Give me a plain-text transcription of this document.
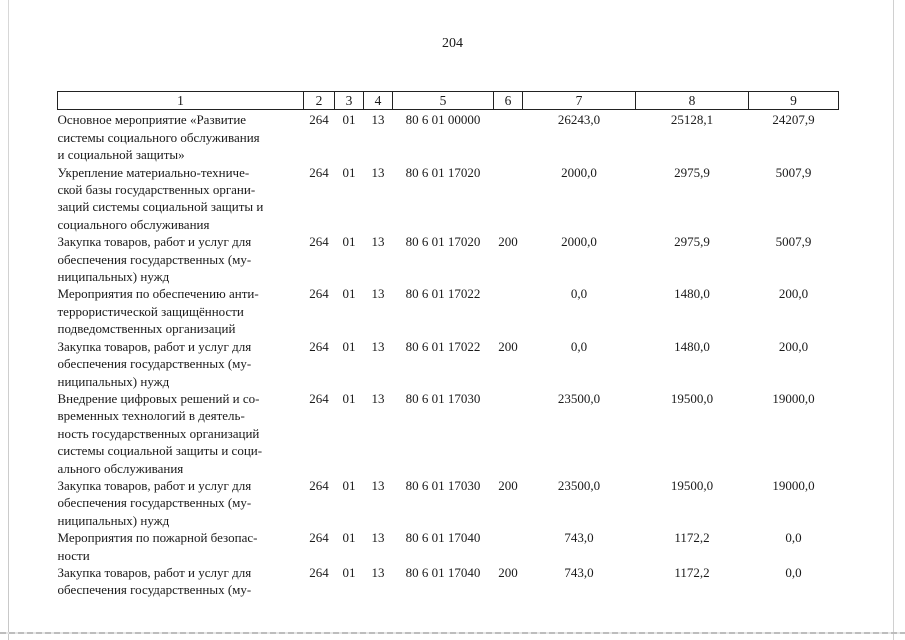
204
1	2	3	4	5	6	7	8	9

Основное мероприятие «Развитие
системы социального обслуживания
и социальной защиты»	264	01	13	80 6 01 00000		26243,0	25128,1	24207,9

Укрепление материально-техниче-
ской базы государственных органи-
заций системы социальной защиты и
социального обслуживания	264	01	13	80 6 01 17020		2000,0	2975,9	5007,9

Закупка товаров, работ и услуг для
обеспечения государственных (му-
ниципальных) нужд	264	01	13	80 6 01 17020	200	2000,0	2975,9	5007,9

Мероприятия по обеспечению анти-
террористической защищённости
подведомственных организаций	264	01	13	80 6 01 17022		0,0	1480,0	200,0

Закупка товаров, работ и услуг для
обеспечения государственных (му-
ниципальных) нужд	264	01	13	80 6 01 17022	200	0,0	1480,0	200,0

Внедрение цифровых решений и со-
временных технологий в деятель-
ность государственных организаций
системы социальной защиты и соци-
ального обслуживания	264	01	13	80 6 01 17030		23500,0	19500,0	19000,0

Закупка товаров, работ и услуг для
обеспечения государственных (му-
ниципальных) нужд	264	01	13	80 6 01 17030	200	23500,0	19500,0	19000,0

Мероприятия по пожарной безопас-
ности	264	01	13	80 6 01 17040		743,0	1172,2	0,0

Закупка товаров, работ и услуг для
обеспечения государственных (му-	264	01	13	80 6 01 17040	200	743,0	1172,2	0,0
